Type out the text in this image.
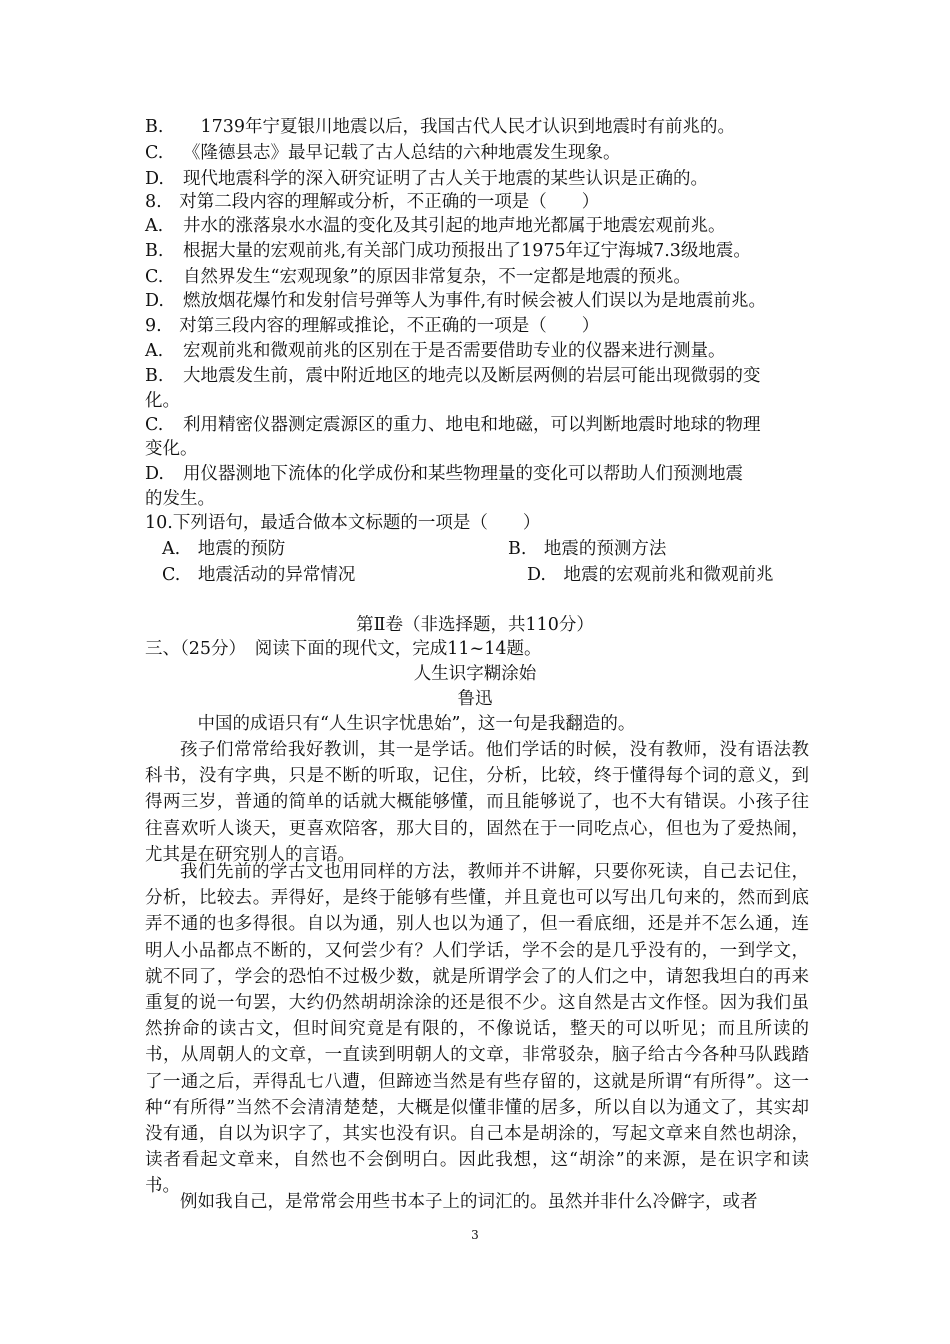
B.　1739年宁夏银川地震以后，我国古代人民才认识到地震时有前兆的。
C. 《隆德县志》最早记载了古人总结的六种地震发生现象。
D. 现代地震科学的深入研究证明了古人关于地震的某些认识是正确的。
8.　对第二段内容的理解或分析，不正确的一项是（　　）
A. 井水的涨落泉水水温的变化及其引起的地声地光都属于地震宏观前兆。
B. 根据大量的宏观前兆,有关部门成功预报出了1975年辽宁海城7.3级地震。
C. 自然界发生“宏观现象”的原因非常复杂，不一定都是地震的预兆。
D. 燃放烟花爆竹和发射信号弹等人为事件,有时候会被人们误以为是地震前兆。
9.　对第三段内容的理解或推论，不正确的一项是（　　）
A. 宏观前兆和微观前兆的区别在于是否需要借助专业的仪器来进行测量。
B. 大地震发生前，震中附近地区的地壳以及断层两侧的岩层可能出现微弱的变
化。
C. 利用精密仪器测定震源区的重力、地电和地磁，可以判断地震时地球的物理
变化。
D. 用仪器测地下流体的化学成份和某些物理量的变化可以帮助人们预测地震
的发生。
10.下列语句，最适合做本文标题的一项是（　　）
A.　地震的预防	B.　地震的预测方法
C.　地震活动的异常情况	D.　地震的宏观前兆和微观前兆
第Ⅱ卷（非选择题，共110分）
三、（25分）　阅读下面的现代文，完成11~14题。
人生识字糊涂始
鲁迅
　中国的成语只有“人生识字忧患始”，这一句是我翻造的。
孩子们常常给我好教训，其一是学话。他们学话的时候，没有教师，没有语法教科书，没有字典，只是不断的听取，记住，分析，比较，终于懂得每个词的意义，到得两三岁，普通的简单的话就大概能够懂，而且能够说了，也不大有错误。小孩子往往喜欢听人谈天，更喜欢陪客，那大目的，固然在于一同吃点心，但也为了爱热闹，尤其是在研究别人的言语。
我们先前的学古文也用同样的方法，教师并不讲解，只要你死读，自己去记住，分析，比较去。弄得好，是终于能够有些懂，并且竟也可以写出几句来的，然而到底弄不通的也多得很。自以为通，别人也以为通了，但一看底细，还是并不怎么通，连明人小品都点不断的，又何尝少有？人们学话，学不会的是几乎没有的，一到学文，就不同了，学会的恐怕不过极少数，就是所谓学会了的人们之中，请恕我坦白的再来重复的说一句罢，大约仍然胡胡涂涂的还是很不少。这自然是古文作怪。因为我们虽然拚命的读古文，但时间究竟是有限的，不像说话，整天的可以听见；而且所读的书，从周朝人的文章，一直读到明朝人的文章，非常驳杂，脑子给古今各种马队践踏了一通之后，弄得乱七八遭，但蹄迹当然是有些存留的，这就是所谓“有所得”。这一种“有所得”当然不会清清楚楚，大概是似懂非懂的居多，所以自以为通文了，其实却没有通，自以为识字了，其实也没有识。自己本是胡涂的，写起文章来自然也胡涂，读者看起文章来，自然也不会倒明白。因此我想，这“胡涂”的来源，是在识字和读书。
例如我自己，是常常会用些书本子上的词汇的。虽然并非什么冷僻字，或者
3
